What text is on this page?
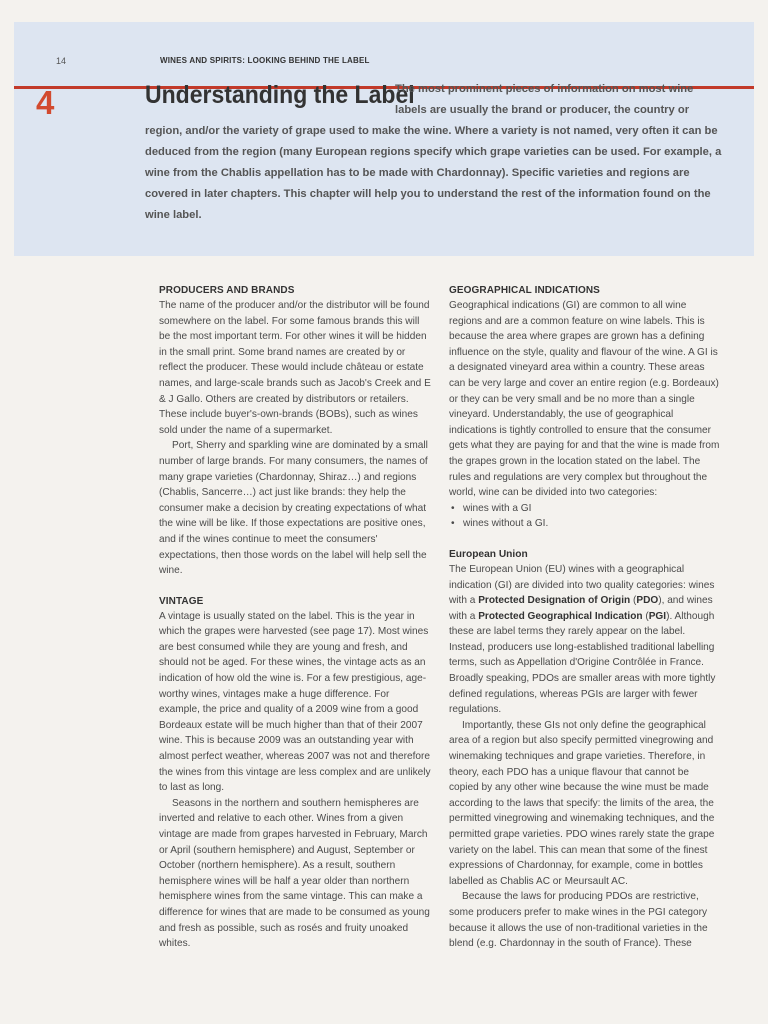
14	WINES AND SPIRITS: LOOKING BEHIND THE LABEL
4	Understanding the Label
The most prominent pieces of information on most wine labels are usually the brand or producer, the country or region, and/or the variety of grape used to make the wine. Where a variety is not named, very often it can be deduced from the region (many European regions specify which grape varieties can be used. For example, a wine from the Chablis appellation has to be made with Chardonnay). Specific varieties and regions are covered in later chapters. This chapter will help you to understand the rest of the information found on the wine label.
PRODUCERS AND BRANDS

The name of the producer and/or the distributor will be found somewhere on the label. For some famous brands this will be the most important term. For other wines it will be hidden in the small print. Some brand names are created by or reflect the producer. These would include château or estate names, and large-scale brands such as Jacob's Creek and E & J Gallo. Others are created by distributors or retailers. These include buyer's-own-brands (BOBs), such as wines sold under the name of a supermarket.

Port, Sherry and sparkling wine are dominated by a small number of large brands. For many consumers, the names of many grape varieties (Chardonnay, Shiraz…) and regions (Chablis, Sancerre…) act just like brands: they help the consumer make a decision by creating expectations of what the wine will be like. If those expectations are positive ones, and if the wines continue to meet the consumers' expectations, then those words on the label will help sell the wine.

VINTAGE

A vintage is usually stated on the label. This is the year in which the grapes were harvested (see page 17). Most wines are best consumed while they are young and fresh, and should not be aged. For these wines, the vintage acts as an indication of how old the wine is. For a few prestigious, age-worthy wines, vintages make a huge difference. For example, the price and quality of a 2009 wine from a good Bordeaux estate will be much higher than that of their 2007 wine. This is because 2009 was an outstanding year with almost perfect weather, whereas 2007 was not and therefore the wines from this vintage are less complex and are unlikely to last as long.

Seasons in the northern and southern hemispheres are inverted and relative to each other. Wines from a given vintage are made from grapes harvested in February, March or April (southern hemisphere) and August, September or October (northern hemisphere). As a result, southern hemisphere wines will be half a year older than northern hemisphere wines from the same vintage. This can make a difference for wines that are made to be consumed as young and fresh as possible, such as rosés and fruity unoaked whites.

GEOGRAPHICAL INDICATIONS

Geographical indications (GI) are common to all wine regions and are a common feature on wine labels. This is because the area where grapes are grown has a defining influence on the style, quality and flavour of the wine. A GI is a designated vineyard area within a country. These areas can be very large and cover an entire region (e.g. Bordeaux) or they can be very small and be no more than a single vineyard. Understandably, the use of geographical indications is tightly controlled to ensure that the consumer gets what they are paying for and that the wine is made from the grapes grown in the location stated on the label. The rules and regulations are very complex but throughout the world, wine can be divided into two categories:

• wines with a GI
• wines without a GI.
European Union

The European Union (EU) wines with a geographical indication (GI) are divided into two quality categories: wines with a Protected Designation of Origin (PDO), and wines with a Protected Geographical Indication (PGI). Although these are label terms they rarely appear on the label. Instead, producers use long-established traditional labelling terms, such as Appellation d'Origine Contrôlée in France. Broadly speaking, PDOs are smaller areas with more tightly defined regulations, whereas PGIs are larger with fewer regulations.

Importantly, these GIs not only define the geographical area of a region but also specify permitted vinegrowing and winemaking techniques and grape varieties. Therefore, in theory, each PDO has a unique flavour that cannot be copied by any other wine because the wine must be made according to the laws that specify: the limits of the area, the permitted vinegrowing and winemaking techniques, and the permitted grape varieties. PDO wines rarely state the grape variety on the label. This can mean that some of the finest expressions of Chardonnay, for example, come in bottles labelled as Chablis AC or Meursault AC.

Because the laws for producing PDOs are restrictive, some producers prefer to make wines in the PGI category because it allows the use of non-traditional varieties in the blend (e.g. Chardonnay in the south of France). These
